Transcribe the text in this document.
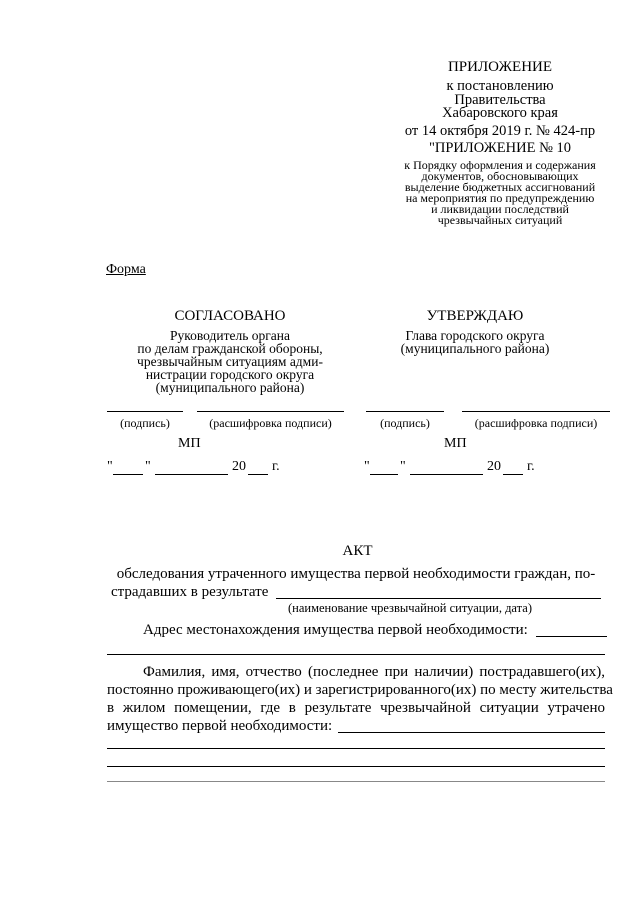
ПРИЛОЖЕНИЕ
к постановлению
Правительства
Хабаровского края
от 14 октября 2019 г. № 424-пр
"ПРИЛОЖЕНИЕ № 10
к Порядку оформления и содержания
документов, обосновывающих
выделение бюджетных ассигнований
на мероприятия по предупреждению
и ликвидации последствий
чрезвычайных ситуаций
Форма
СОГЛАСОВАНО
Руководитель органа
по делам гражданской обороны,
чрезвычайным ситуациям адми-
нистрации городского округа
(муниципального района)
(подпись)	(расшифровка подписи)
МП
" "	20 г.
УТВЕРЖДАЮ
Глава городского округа
(муниципального района)
(подпись)	(расшифровка подписи)
МП
" "	20 г.
АКТ
обследования утраченного имущества первой необходимости граждан, по-
страдавших в результате
(наименование чрезвычайной ситуации, дата)
Адрес местонахождения имущества первой необходимости:
Фамилия, имя, отчество (последнее при наличии) пострадавшего(их),
постоянно проживающего(их) и зарегистрированного(их) по месту жительства
в жилом помещении, где в результате чрезвычайной ситуации утрачено
имущество первой необходимости:
